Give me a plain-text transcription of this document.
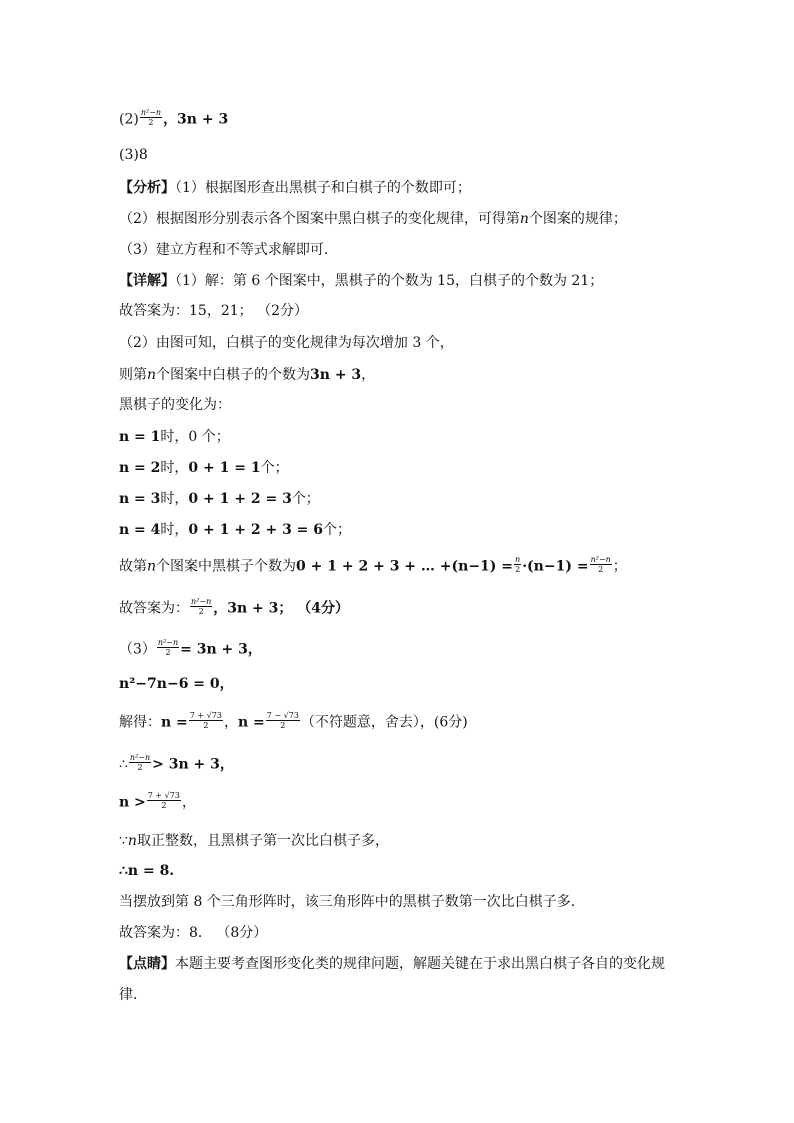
$(2) \frac{\text{n²−n}}{2}$ ，3n + 3
(3)8
【分析】（1）根据图形查出黑棋子和白棋子的个数即可；
（2）根据图形分别表示各个图案中黑白棋子的变化规律，可得第n个图案的规律；
（3）建立方程和不等式求解即可．
【详解】（1）解：第 6 个图案中，黑棋子的个数为 15，白棋子的个数为 21；
故答案为：15，21； （2分）
（2）由图可知，白棋子的变化规律为每次增加 3 个，
则第n个图案中白棋子的个数为3n + 3，
黑棋子的变化为：
n = 1时，0 个；
n = 2时，0 + 1 = 1个；
n = 3时，0 + 1 + 2 = 3个；
n = 4时，0 + 1 + 2 + 3 = 6个；
故第n个图案中黑棋子个数为0 + 1 + 2 + 3 + … $+(n-1) = \frac{n}{2} \cdot(n-1) = \frac{\text{n²−n}}{2}$ ；
故答案为： $\frac{\text{n²−n}}{2}$ ，3n + 3； （4分）
$(3) \frac{\text{n²−n}}{2} = 3n + 3$，
n²−7n−6 = 0，
解得：$n = \frac{7 + √73}{2}$ ，$n = \frac{7 - √73}{2}$ （不符题意，舍去），(6分)
∴ $\frac{\text{n²−n}}{2} > 3n + 3$，
$n > \frac{7 + √73}{2}$ ，
∵n取正整数，且黑棋子第一次比白棋子多，
∴n = 8.
当摆放到第 8 个三角形阵时，该三角形阵中的黑棋子数第一次比白棋子多．
故答案为：8． （8分）
【点睛】本题主要考查图形变化类的规律问题，解题关键在于求出黑白棋子各自的变化规
律．
